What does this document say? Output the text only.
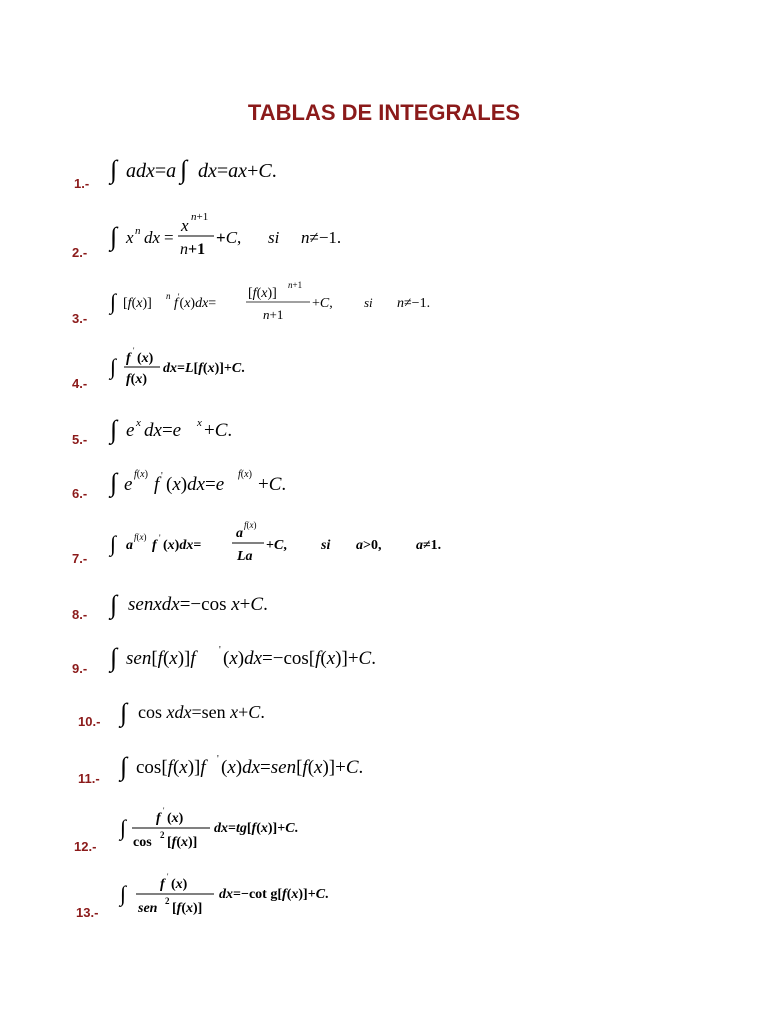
TABLAS DE INTEGRALES
1.-
2.-
3.-
4.-
5.-
6.-
7.-
8.-
9.-
10.-
11.-
12.-
13.-
∫ adx=a ∫ dx=ax+C.
∫ x n dx =
x n+1
n+1
+C, si n≠−1.
∫ [f(x)] n f'(x)dx=
[f(x)]
n+1
n+1
+C, si n≠−1.
∫ f
'
(x)
f(x)
dx=L[f(x)]+C.
∫ e x dx=e x +C.
∫ e f(x) f ' (x)dx=e f(x) +C.
∫ a
f(x)
f ' (x)dx=
a
f(x)
La
+C, si a>0, a≠1.
∫ senxdx=−cos x+C.
∫ sen[f(x)]f ' (x)dx=−cos[f(x)]+C.
∫ cos xdx=sen x+C.
∫ cos[f(x)]f ' (x)dx=sen[f(x)]+C.
∫ f
'
(x)
cos 2 [f(x)]
dx=tg[f(x)]+C.
∫ f
'
(x)
sen 2 [f(x)]
dx=−cot g[f(x)]+C.
